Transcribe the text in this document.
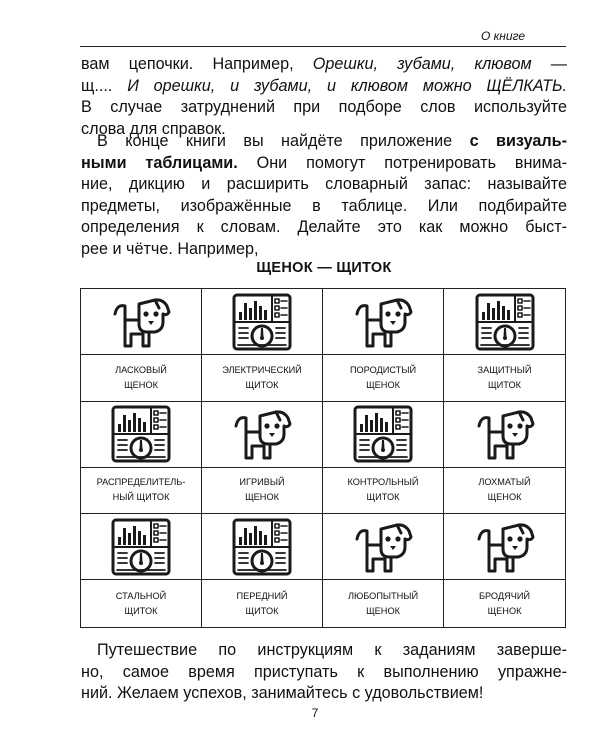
О книге
вам цепочки. Например, Орешки, зубами, клювом —
щ.... И орешки, и зубами, и клювом можно ЩЁЛКАТЬ.
В случае затруднений при подборе слов используйте
слова для справок.
В конце книги вы найдёте приложение с визуаль-
ными таблицами. Они помогут потренировать внима-
ние, дикцию и расширить словарный запас: называйте
предметы, изображённые в таблице. Или подбирайте
определения к словам. Делайте это как можно быст-
рее и чётче. Например,
ЩЕНОК — ЩИТОК
ЛАСКОВЫЙ
ЩЕНОК
ЭЛЕКТРИЧЕСКИЙ
ЩИТОК
ПОРОДИСТЫЙ
ЩЕНОК
ЗАЩИТНЫЙ
ЩИТОК
РАСПРЕДЕЛИТЕЛЬ-
НЫЙ ЩИТОК
ИГРИВЫЙ
ЩЕНОК
КОНТРОЛЬНЫЙ
ЩИТОК
ЛОХМАТЫЙ
ЩЕНОК
СТАЛЬНОЙ
ЩИТОК
ПЕРЕДНИЙ
ЩИТОК
ЛЮБОПЫТНЫЙ
ЩЕНОК
БРОДЯЧИЙ
ЩЕНОК
Путешествие по инструкциям к заданиям заверше-
но, самое время приступать к выполнению упражне-
ний. Желаем успехов, занимайтесь с удовольствием!
7
